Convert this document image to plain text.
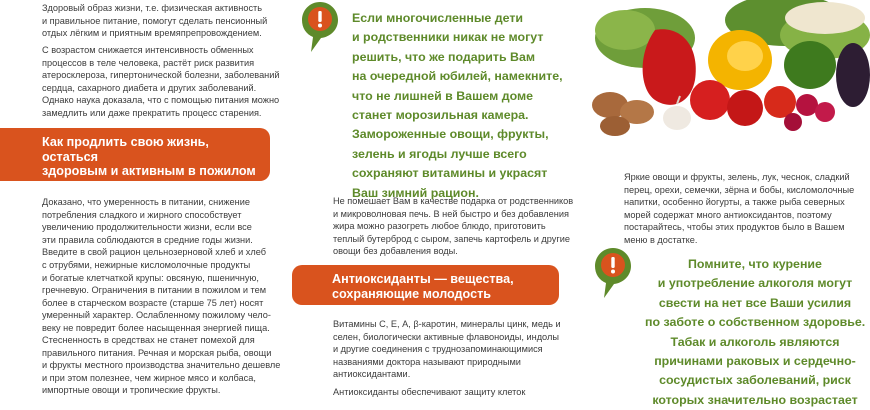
Здоровый образ жизни, т.е. физическая активность
и правильное питание, помогут сделать пенсионный
отдых лёгким и приятным времяпрепровождением.

С возрастом снижается интенсивность обменных
процессов в теле человека, растёт риск развития
атеросклероза, гипертонической болезни, заболеваний
сердца, сахарного диабета и других заболеваний.
Однако наука доказала, что с помощью питания можно
замедлить или даже прекратить процесс старения.
Как продлить свою жизнь, остаться
здоровым и активным в пожилом
возрасте
Доказано, что умеренность в питании, снижение
потребления сладкого и жирного способствует
увеличению продолжительности жизни, если все
эти правила соблюдаются в средние годы жизни.
Введите в свой рацион цельнозерновой хлеб и хлеб
с отрубями, нежирные кисломолочные продукты
и богатые клетчаткой крупы: овсяную, пшеничную,
гречневую. Ограничения в питании в пожилом и тем
более в старческом возрасте (старше 75 лет) носят
умеренный характер. Ослабленному пожилому чело-
веку не повредит более насыщенная энергией пища.
Стесненность в средствах не станет помехой для
правильного питания. Речная и морская рыба, овощи
и фрукты местного производства значительно дешевле
и при этом полезнее, чем жирное мясо и колбаса,
импортные овощи и тропические фрукты.
Если многочисленные дети
и родственники никак не могут
решить, что же подарить Вам
на очередной юбилей, намекните,
что не лишней в Вашем доме
станет морозильная камера.
Замороженные овощи, фрукты,
зелень и ягоды лучше всего
сохраняют витамины и украсят
Ваш зимний рацион.
Не помешает Вам в качестве подарка от родственников
и микроволновая печь. В ней быстро и без добавления
жира можно разогреть любое блюдо, приготовить
теплый бутерброд с сыром, запечь картофель и другие
овощи без добавления воды.
Антиоксиданты — вещества,
сохраняющие молодость
Витамины С, Е, А, β-каротин, минералы цинк, медь и
селен, биологически активные флавоноиды, индолы
и другие соединения с труднозапоминающимися
названиями доктора называют природными
антиоксидантами.
Антиоксиданты обеспечивают защиту клеток
Яркие овощи и фрукты, зелень, лук, чеснок, сладкий
перец, орехи, семечки, зёрна и бобы, кисломолочные
напитки, особенно йогурты, а также рыба северных
морей содержат много антиоксидантов, поэтому
постарайтесь, чтобы этих продуктов было в Вашем
меню в достатке.
Помните, что курение
и употребление алкоголя могут
свести на нет все Ваши усилия
по заботе о собственном здоровье.
Табак и алкоголь являются
причинами раковых и сердечно-
сосудистых заболеваний, риск
которых значительно возрастает
